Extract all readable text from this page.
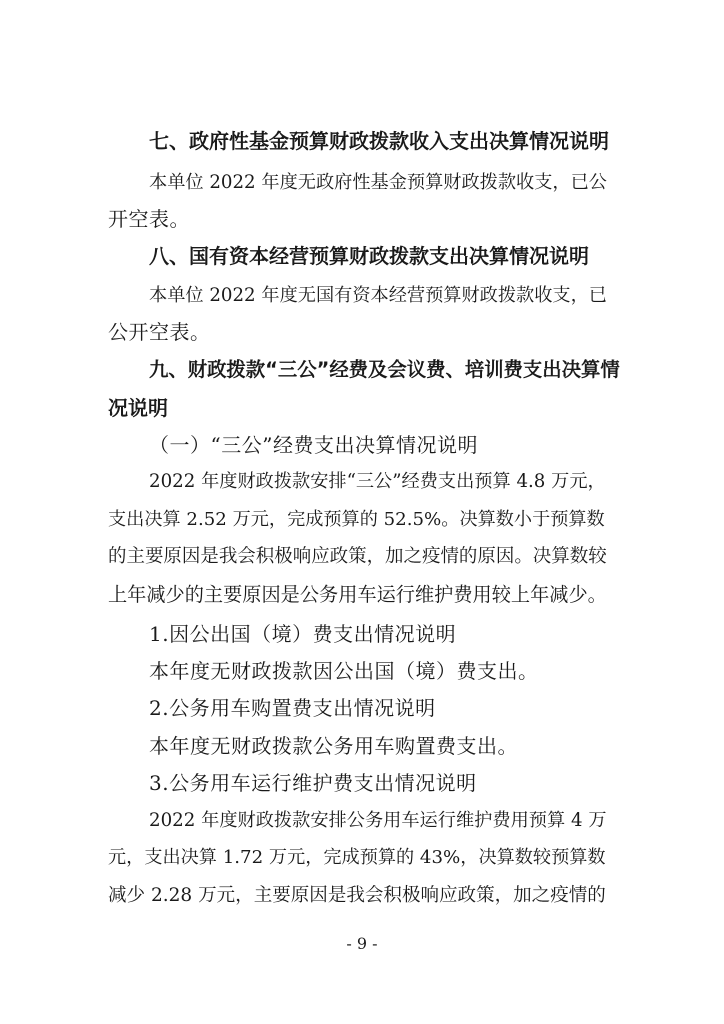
七、政府性基金预算财政拨款收入支出决算情况说明
本单位 2022 年度无政府性基金预算财政拨款收支，已公
开空表。
八、国有资本经营预算财政拨款支出决算情况说明
本单位 2022 年度无国有资本经营预算财政拨款收支，已
公开空表。
九、财政拨款“三公”经费及会议费、培训费支出决算情
况说明
（一）“三公”经费支出决算情况说明
2022 年度财政拨款安排“三公”经费支出预算 4.8 万元，
支出决算 2.52 万元，完成预算的 52.5%。决算数小于预算数
的主要原因是我会积极响应政策，加之疫情的原因。决算数较
上年减少的主要原因是公务用车运行维护费用较上年减少。
1.因公出国（境）费支出情况说明
本年度无财政拨款因公出国（境）费支出。
2.公务用车购置费支出情况说明
本年度无财政拨款公务用车购置费支出。
3.公务用车运行维护费支出情况说明
2022 年度财政拨款安排公务用车运行维护费用预算 4 万
元，支出决算 1.72 万元，完成预算的 43%，决算数较预算数
减少 2.28 万元，主要原因是我会积极响应政策，加之疫情的
- 9 -
